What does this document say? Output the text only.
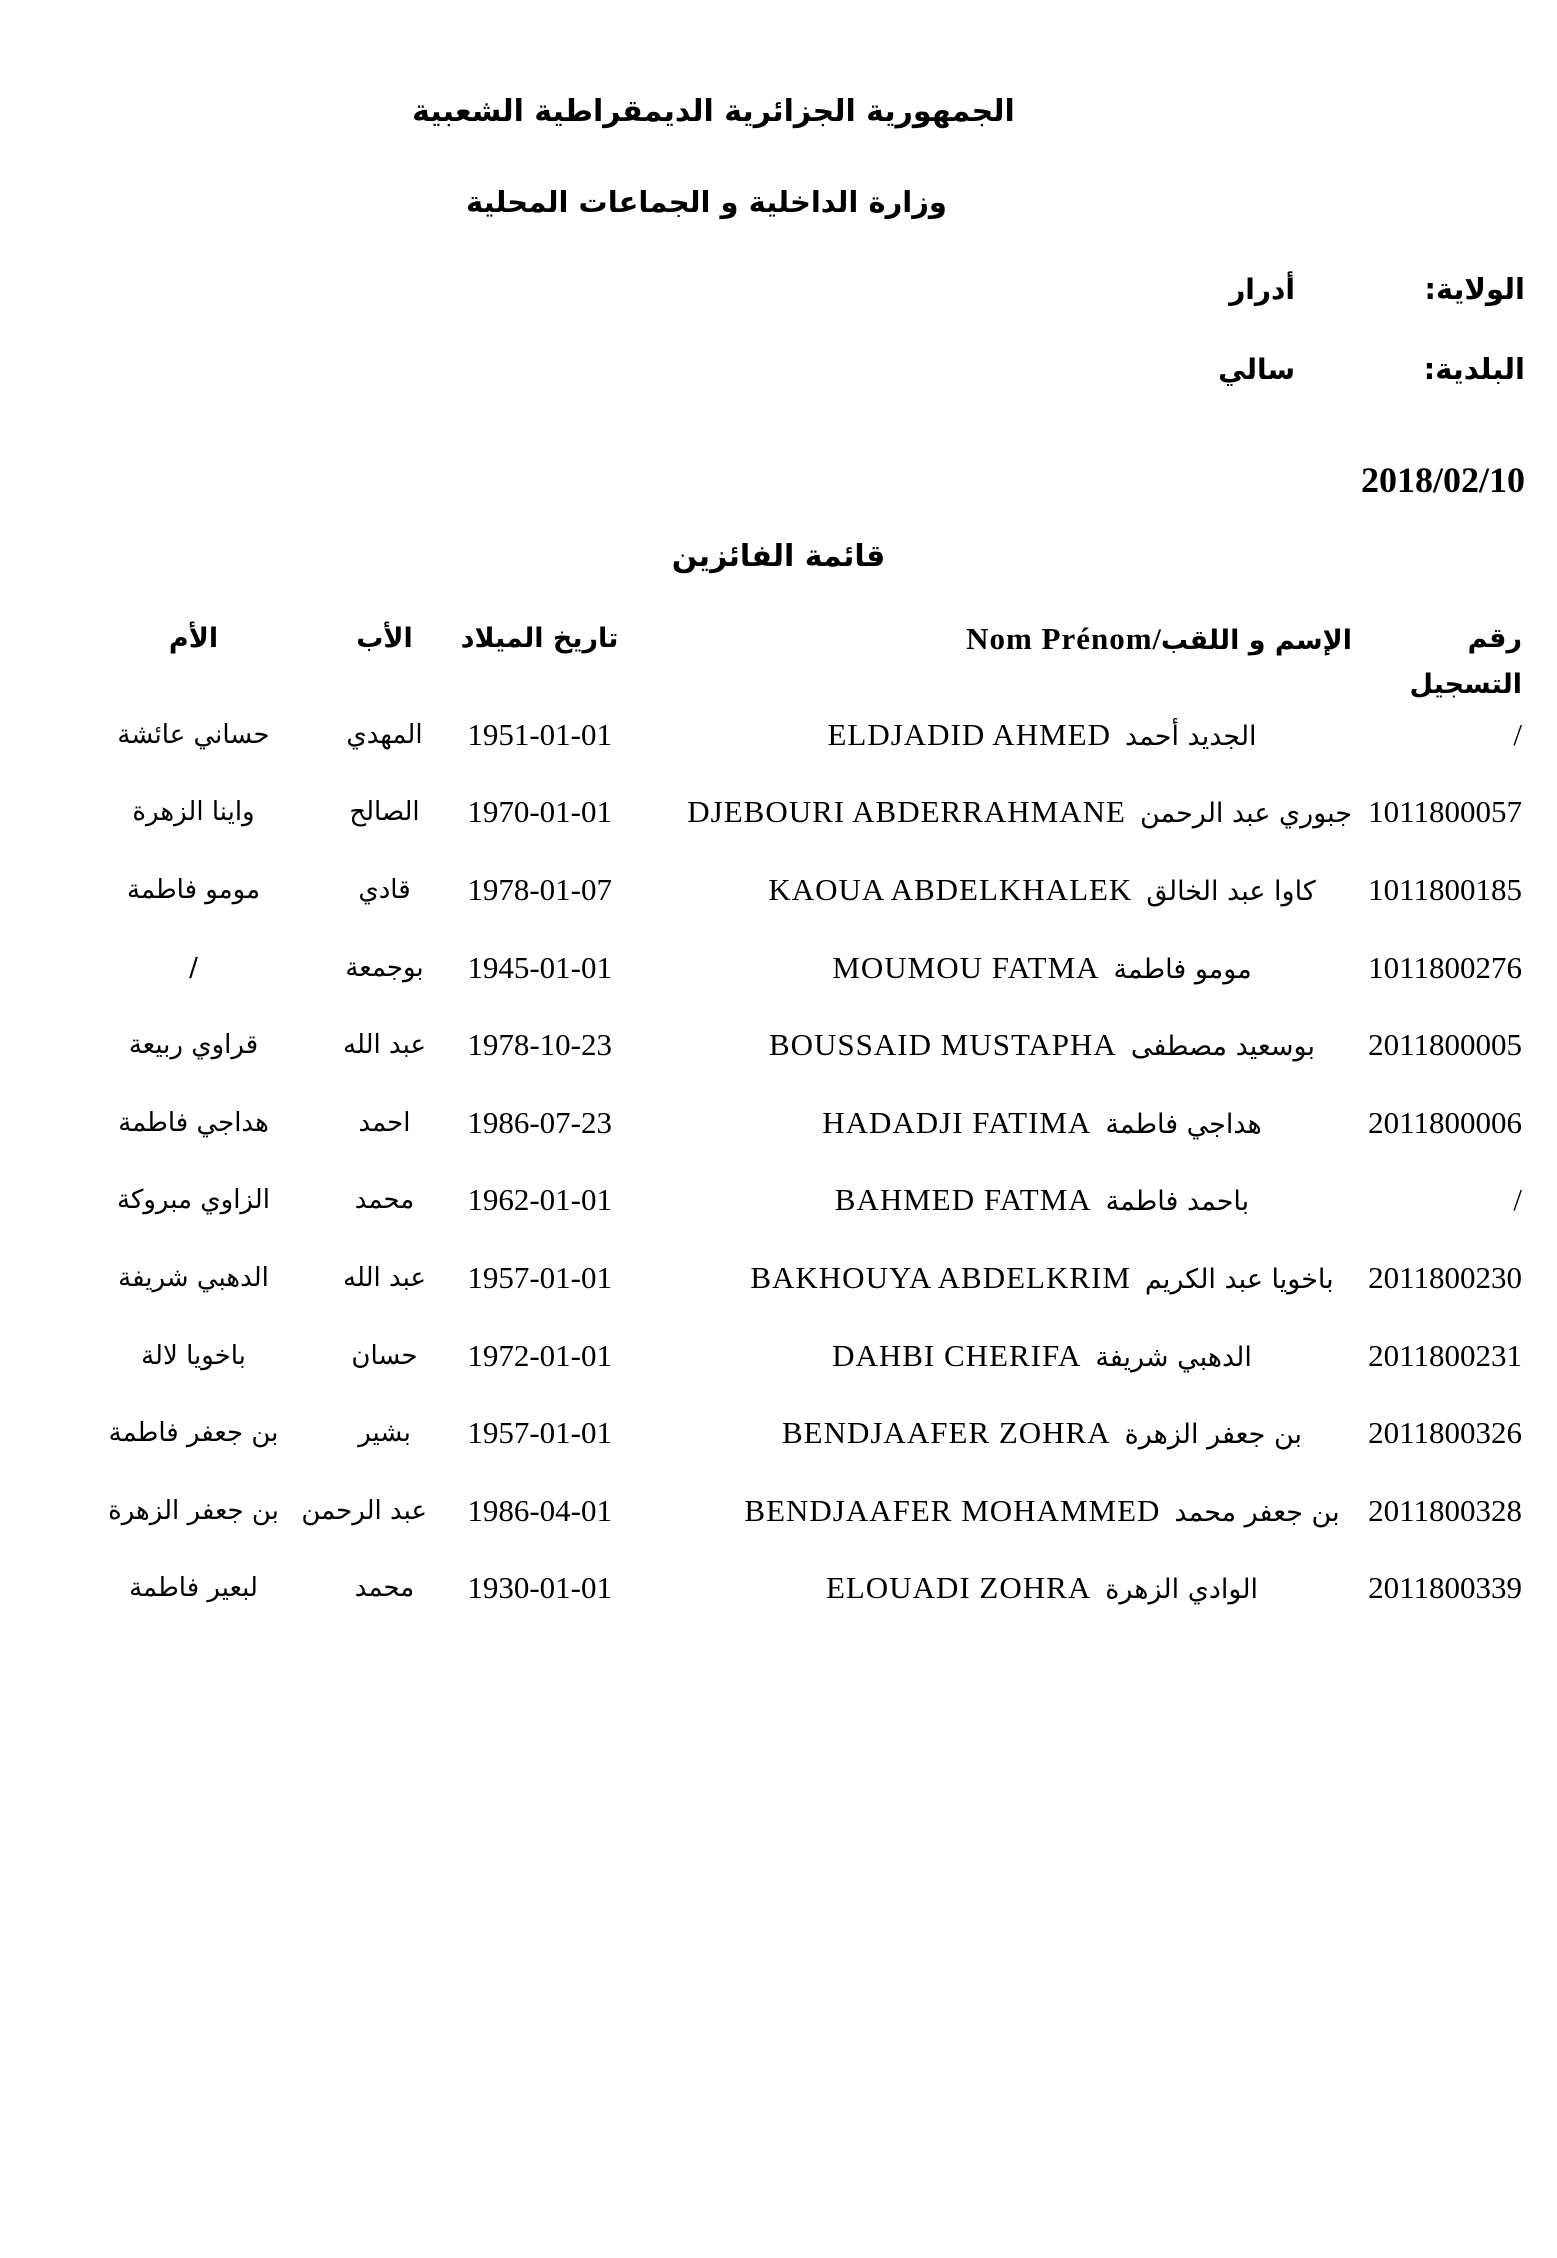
الجمهورية الجزائرية الديمقراطية الشعبية
وزارة الداخلية و الجماعات المحلية
الولاية:
أدرار
البلدية:
سالي
2018/02/10
قائمة الفائزين
رقم التسجيل
الإسم و اللقب/Nom Prénom
تاريخ الميلاد
الأب
الأم
/
الجديد أحمدELDJADID AHMED
1951-01-01
المهدي
حساني عائشة
1011800057
جبوري عبد الرحمنDJEBOURI ABDERRAHMANE
1970-01-01
الصالح
واينا الزهرة
1011800185
كاوا عبد الخالقKAOUA ABDELKHALEK
1978-01-07
قادي
مومو فاطمة
1011800276
مومو فاطمةMOUMOU FATMA
1945-01-01
بوجمعة
/
2011800005
بوسعيد مصطفىBOUSSAID MUSTAPHA
1978-10-23
عبد الله
قراوي ربيعة
2011800006
هداجي فاطمةHADADJI FATIMA
1986-07-23
احمد
هداجي فاطمة
/
باحمد فاطمةBAHMED FATMA
1962-01-01
محمد
الزاوي مبروكة
2011800230
باخويا عبد الكريمBAKHOUYA ABDELKRIM
1957-01-01
عبد الله
الدهبي شريفة
2011800231
الدهبي شريفةDAHBI CHERIFA
1972-01-01
حسان
باخويا لالة
2011800326
بن جعفر الزهرةBENDJAAFER ZOHRA
1957-01-01
بشير
بن جعفر فاطمة
2011800328
بن جعفر محمدBENDJAAFER MOHAMMED
1986-04-01
عبد الرحمن
بن جعفر الزهرة
2011800339
الوادي الزهرةELOUADI ZOHRA
1930-01-01
محمد
لبعير فاطمة
